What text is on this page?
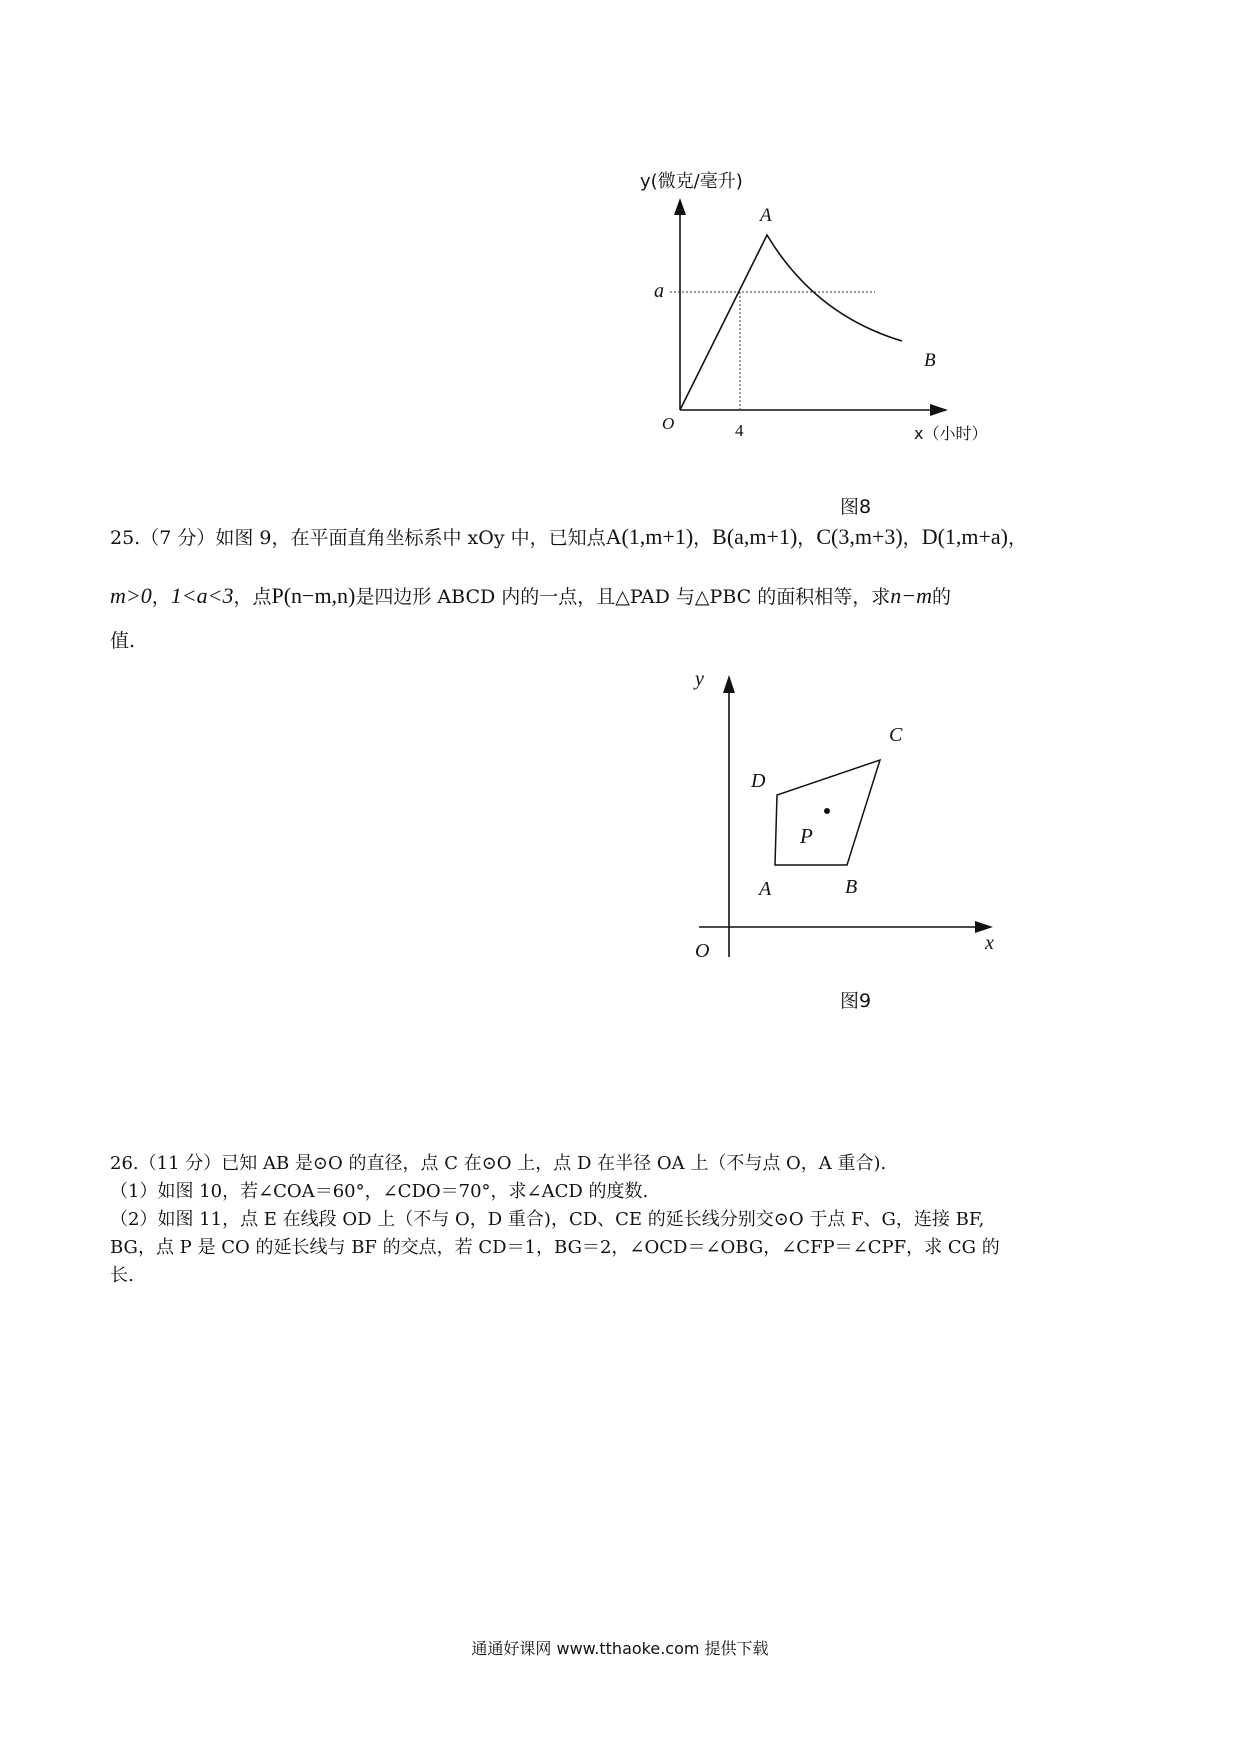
y(微克/毫升)
A
a
B
O	4	x（小时）
图8
25.（7 分）如图 9，在平面直角坐标系中 xOy 中，已知点A(1,m+1)，B(a,m+1)，C(3,m+3)，D(1,m+a)，
m>0，1<a<3，点P(n−m,n)是四边形 ABCD 内的一点，且△PAD 与△PBC 的面积相等，求n−m的
值.
y
C
D
P
A	B
O	x
图9
26.（11 分）已知 AB 是⊙O 的直径，点 C 在⊙O 上，点 D 在半径 OA 上（不与点 O，A 重合).
（1）如图 10，若∠COA＝60°，∠CDO＝70°，求∠ACD 的度数.
（2）如图 11，点 E 在线段 OD 上（不与 O，D 重合)，CD、CE 的延长线分别交⊙O 于点 F、G，连接 BF,
BG，点 P 是 CO 的延长线与 BF 的交点，若 CD＝1，BG＝2，∠OCD＝∠OBG，∠CFP＝∠CPF，求 CG 的
长.
通通好课网 www.tthaoke.com 提供下载
